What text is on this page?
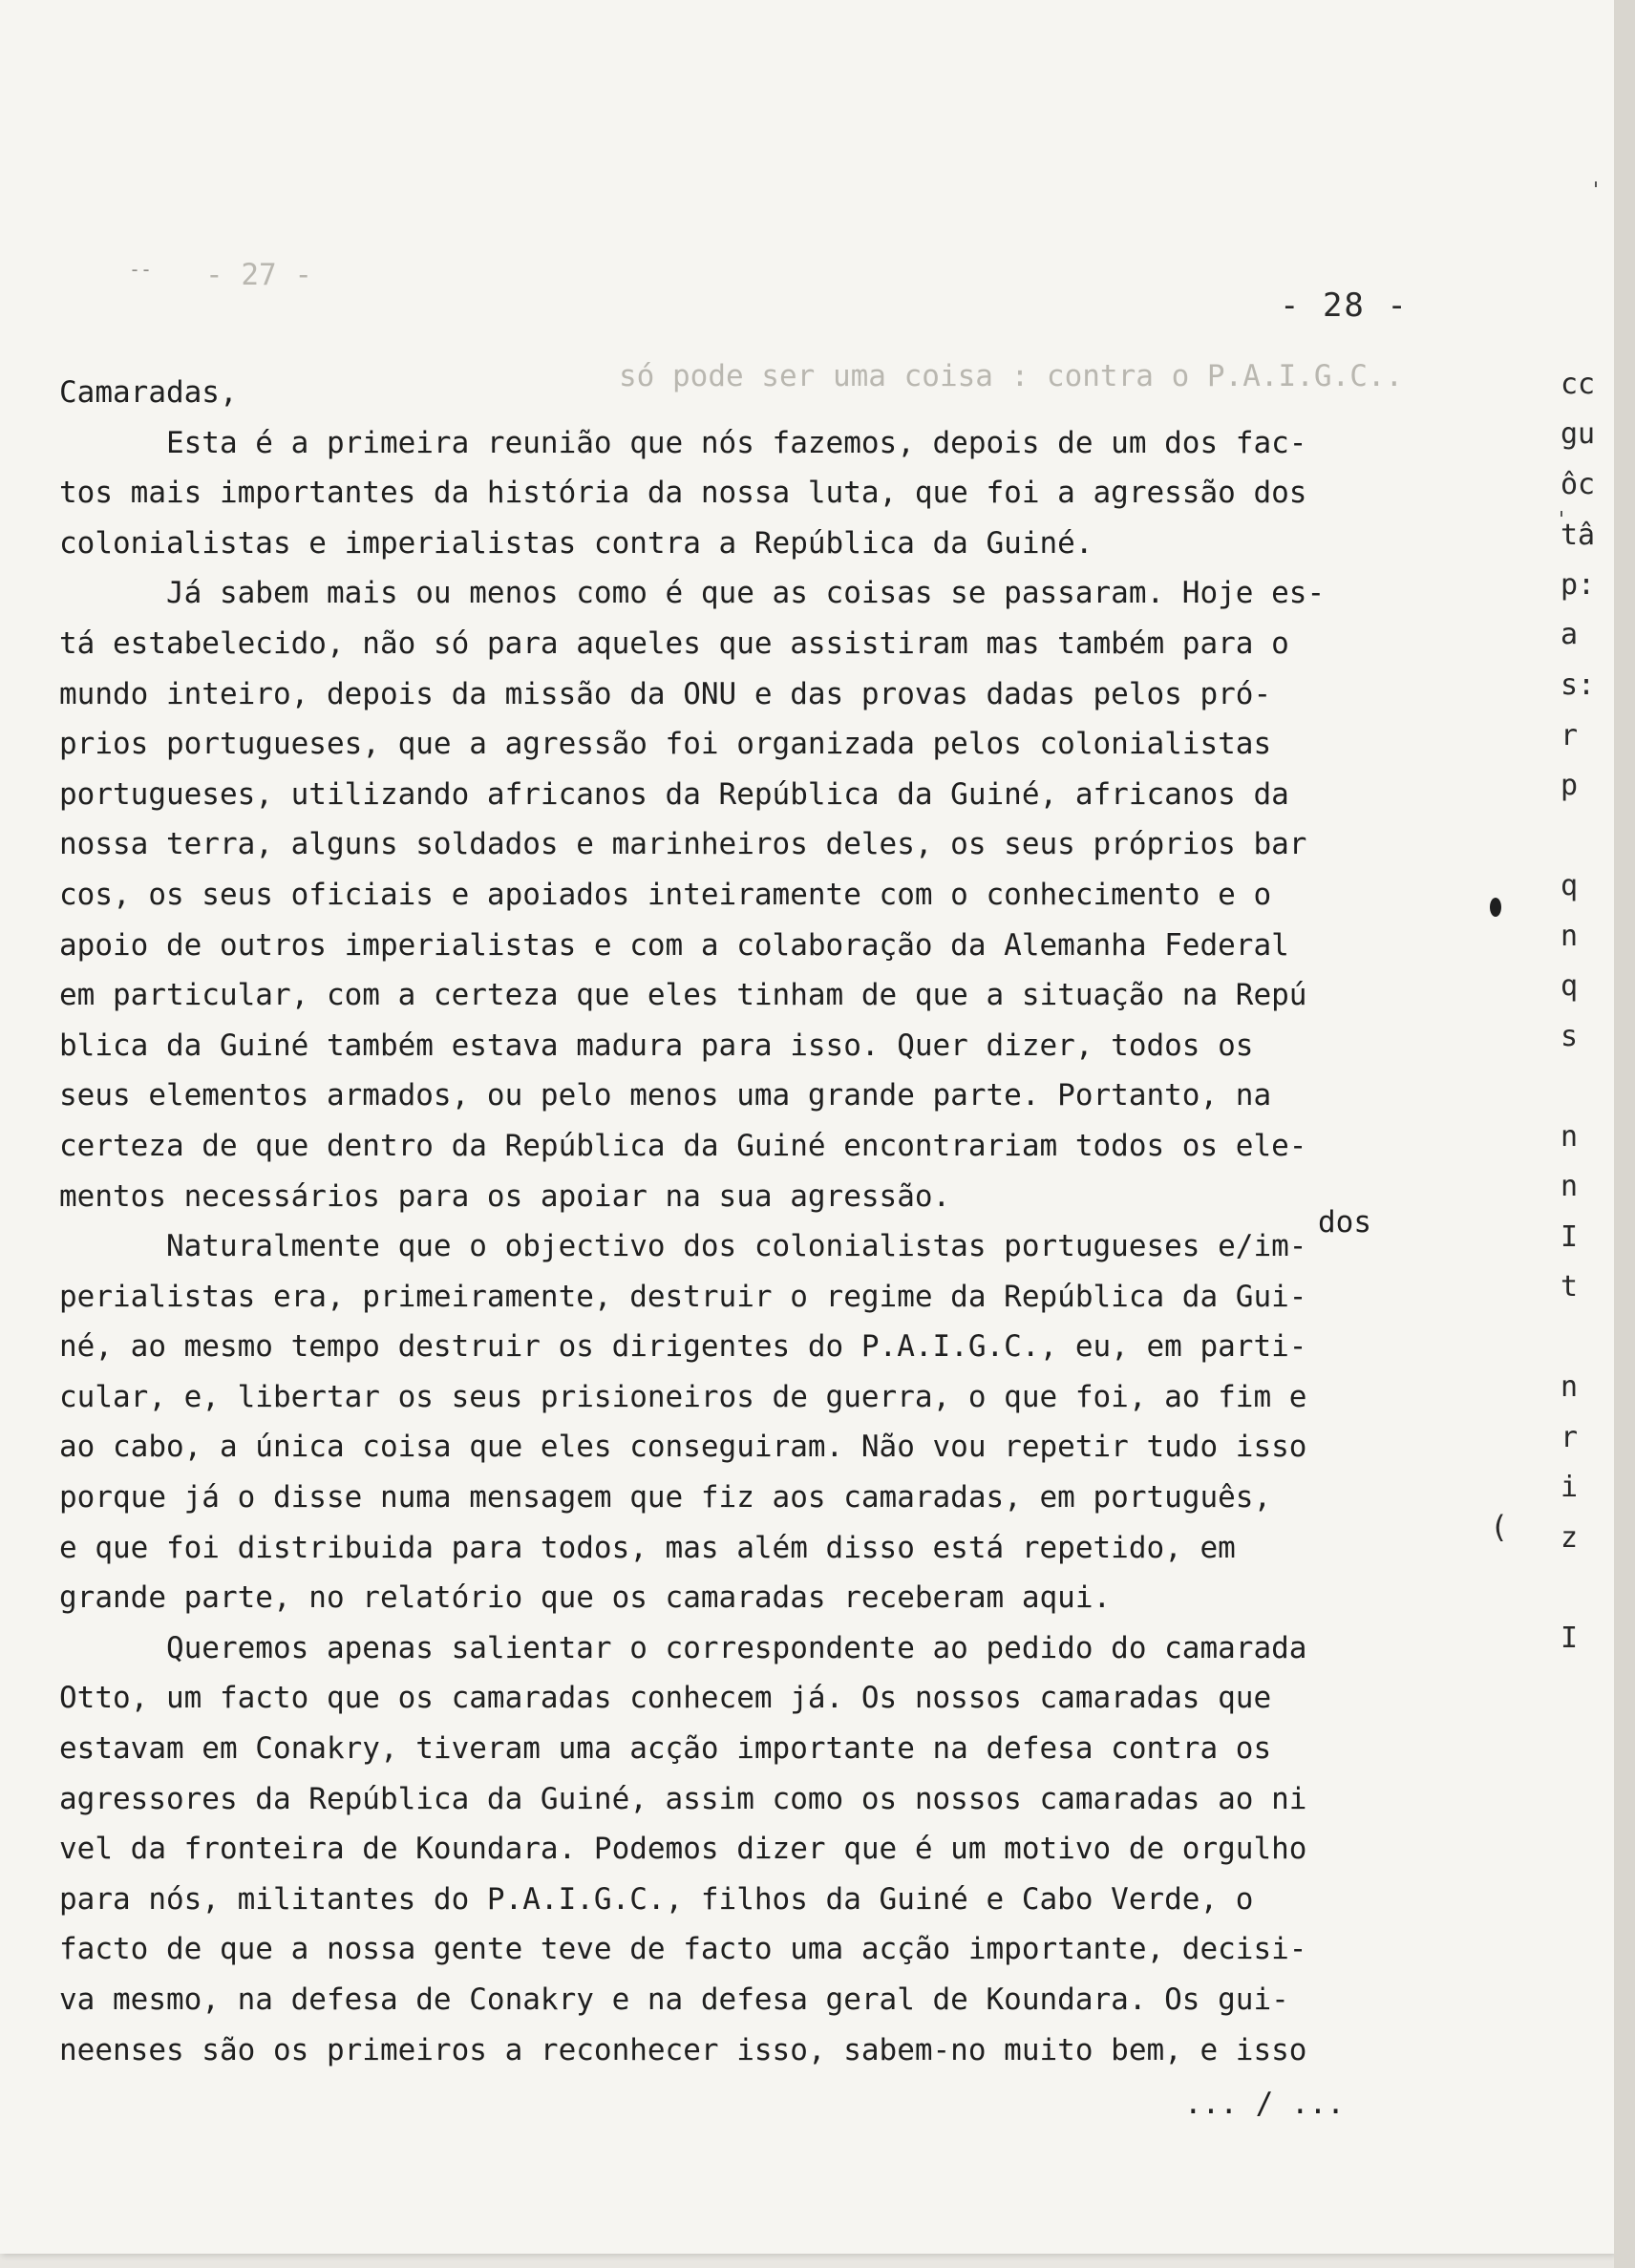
-- - 27 -
só pode ser uma coisa : contra o P.A.I.G.C..
- 28 -
Camaradas,
Esta é a primeira reunião que nós fazemos, depois de um dos fac-
tos mais importantes da história da nossa luta, que foi a agressão dos
colonialistas e imperialistas contra a República da Guiné.
Já sabem mais ou menos como é que as coisas se passaram. Hoje es-
tá estabelecido, não só para aqueles que assistiram mas também para o
mundo inteiro, depois da missão da ONU e das provas dadas pelos pró-
prios portugueses, que a agressão foi organizada pelos colonialistas
portugueses, utilizando africanos da República da Guiné, africanos da
nossa terra, alguns soldados e marinheiros deles, os seus próprios bar
cos, os seus oficiais e apoiados inteiramente com o conhecimento e o
apoio de outros imperialistas e com a colaboração da Alemanha Federal
em particular, com a certeza que eles tinham de que a situação na Repú
blica da Guiné também estava madura para isso. Quer dizer, todos os
seus elementos armados, ou pelo menos uma grande parte. Portanto, na
certeza de que dentro da República da Guiné encontrariam todos os ele-
mentos necessários para os apoiar na sua agressão.
Naturalmente que o objectivo dos colonialistas portugueses e/im-
perialistas era, primeiramente, destruir o regime da República da Gui-
né, ao mesmo tempo destruir os dirigentes do P.A.I.G.C., eu, em parti-
cular, e, libertar os seus prisioneiros de guerra, o que foi, ao fim e
ao cabo, a única coisa que eles conseguiram. Não vou repetir tudo isso
porque já o disse numa mensagem que fiz aos camaradas, em português,
e que foi distribuida para todos, mas além disso está repetido, em
grande parte, no relatório que os camaradas receberam aqui.
Queremos apenas salientar o correspondente ao pedido do camarada
Otto, um facto que os camaradas conhecem já. Os nossos camaradas que
estavam em Conakry, tiveram uma acção importante na defesa contra os
agressores da República da Guiné, assim como os nossos camaradas ao ni
vel da fronteira de Koundara. Podemos dizer que é um motivo de orgulho
para nós, militantes do P.A.I.G.C., filhos da Guiné e Cabo Verde, o
facto de que a nossa gente teve de facto uma acção importante, decisi-
va mesmo, na defesa de Conakry e na defesa geral de Koundara. Os gui-
neenses são os primeiros a reconhecer isso, sabem-no muito bem, e isso
dos
(
cc
gu
ôc
tâ
p:
a
s:
r
p
q
n
q
s
n
n
I
t
n
r
i
z
I
... / ...
